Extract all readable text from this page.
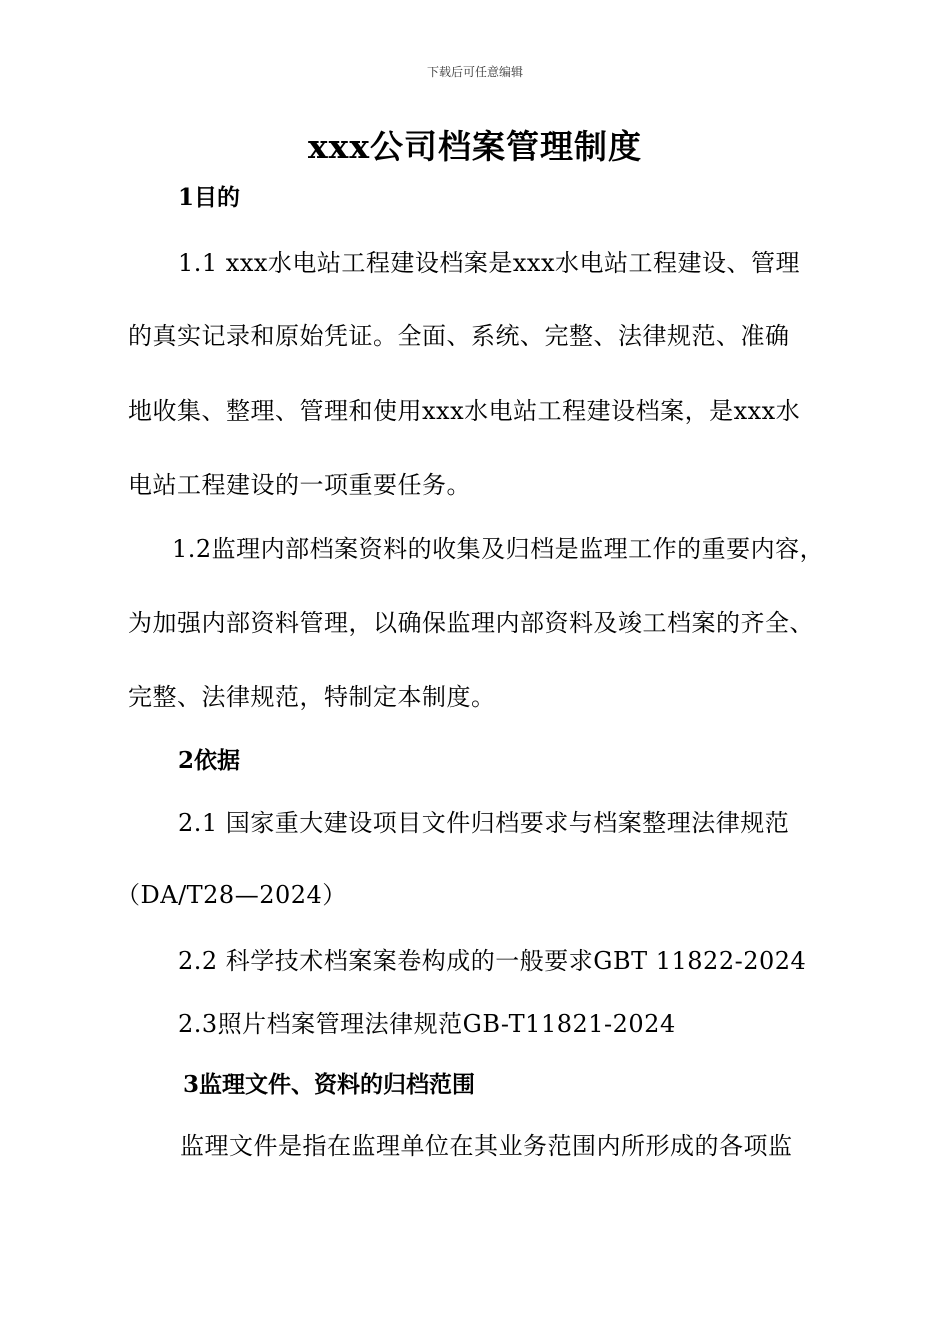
下载后可任意编辑
xxx公司档案管理制度
1目的
1.1 xxx水电站工程建设档案是xxx水电站工程建设、管理
的真实记录和原始凭证。全面、系统、完整、法律规范、准确
地收集、整理、管理和使用xxx水电站工程建设档案，是xxx水
电站工程建设的一项重要任务。
1.2监理内部档案资料的收集及归档是监理工作的重要内容，
为加强内部资料管理，以确保监理内部资料及竣工档案的齐全、
完整、法律规范，特制定本制度。
2依据
2.1 国家重大建设项目文件归档要求与档案整理法律规范
（DA/T28—2024）
2.2 科学技术档案案卷构成的一般要求GBT 11822-2024
2.3照片档案管理法律规范GB-T11821-2024
3监理文件、资料的归档范围
监理文件是指在监理单位在其业务范围内所形成的各项监
